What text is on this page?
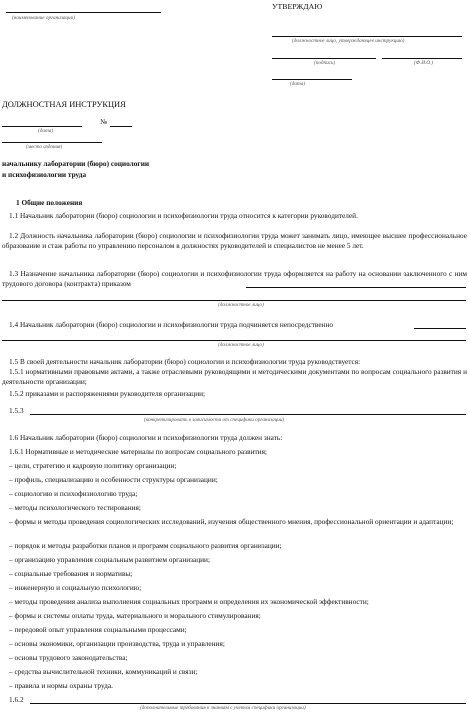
(наименование организации)
УТВЕРЖДАЮ
(должностное лицо, утверждающее инструкцию)
(подпись)	(Ф.И.О.)
(дата)
ДОЛЖНОСТНАЯ ИНСТРУКЦИЯ
№
(дата)
(место издания)
начальнику лаборатории (бюро) социологии
и психофизиологии труда
1 Общие положения
1.1 Начальник лаборатории (бюро) социологии и психофизиологии труда относится к категории руководителей.
1.2 Должность начальника лаборатории (бюро) социологии и психофизиологии труда может занимать лицо, имеющее высшее профессиональное образование и стаж работы по управлению персоналом в должностях руководителей и специалистов не менее 5 лет.
1.3 Назначение начальника лаборатории (бюро) социологии и психофизиологии труда оформляется на работу на основании заключенного с ним трудового договора (контракта) приказом
(должностное лицо)
1.4 Начальник лаборатории (бюро) социологии и психофизиологии труда подчиняется непосредственно
(должностное лицо)
1.5 В своей деятельности начальник лаборатории (бюро) социологии и психофизиологии труда руководствуется:
1.5.1 нормативными правовыми актами, а также отраслевыми руководящими и методическими документами по вопросам социального развития и деятельности организации;
1.5.2 приказами и распоряжениями руководителя организации;
1.5.3
(конкретизировать в зависимости от специфики организации)
1.6 Начальник лаборатории (бюро) социологии и психофизиологии труда должен знать:
1.6.1 Нормативные и методические материалы по вопросам социального развития;
– цели, стратегию и кадровую политику организации;
– профиль, специализацию и особенности структуры организации;
– социологию и психофизиологию труда;
– методы психологического тестирования;
– формы и методы проведения социологических исследований, изучения общественного мнения, профессиональной ориентации и адаптации;
– порядок и методы разработки планов и программ социального развития организации;
– организацию управления социальным развитием организации;
– социальные требования и нормативы;
– инженерную и социальную психологию;
– методы проведения анализа выполнения социальных программ и определения их экономической эффективности;
– формы и системы оплаты труда, материального и морального стимулирования;
– передовой опыт управления социальными процессами;
– основы экономики, организации производства, труда и управления;
– основы трудового законодательства;
– средства вычислительной техники, коммуникаций и связи;
– правила и нормы охраны труда.
1.6.2
(дополнительные требования к знаниям с учетом специфики организации)
